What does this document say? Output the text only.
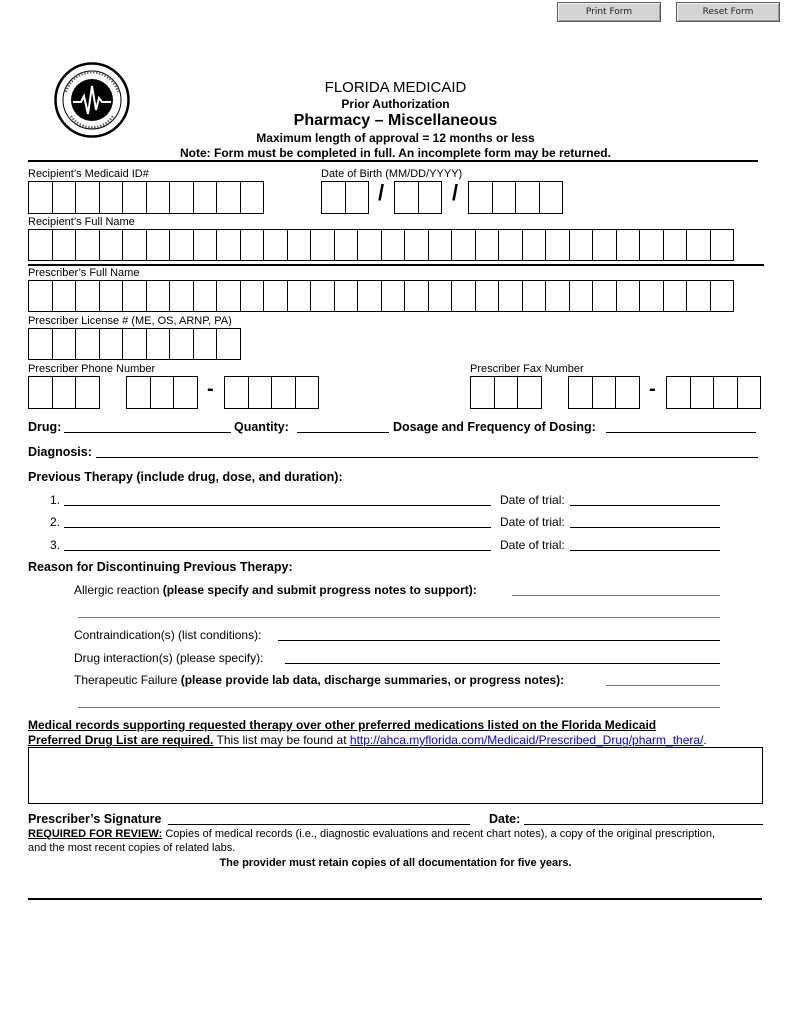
Print Form	Reset Form
FLORIDA MEDICAID
Prior Authorization
Pharmacy – Miscellaneous
Maximum length of approval = 12 months or less
Note: Form must be completed in full. An incomplete form may be returned.
Recipient’s Medicaid ID#	Date of Birth (MM/DD/YYYY)
/	/
Recipient’s Full Name
Prescriber’s Full Name
Prescriber License # (ME, OS, ARNP, PA)
Prescriber Phone Number
-
Prescriber Fax Number
-
Drug:	Quantity:	Dosage and Frequency of Dosing:
Diagnosis:
Previous Therapy (include drug, dose, and duration):
1.	Date of trial:
2.	Date of trial:
3.	Date of trial:
Reason for Discontinuing Previous Therapy:
Allergic reaction (please specify and submit progress notes to support):
Contraindication(s) (list conditions):
Drug interaction(s) (please specify):
Therapeutic Failure (please provide lab data, discharge summaries, or progress notes):
Medical records supporting requested therapy over other preferred medications listed on the Florida Medicaid
Preferred Drug List are required. This list may be found at http://ahca.myflorida.com/Medicaid/Prescribed_Drug/pharm_thera/.
Prescriber’s Signature	Date:
REQUIRED FOR REVIEW: Copies of medical records (i.e., diagnostic evaluations and recent chart notes), a copy of the original prescription,
and the most recent copies of related labs.
The provider must retain copies of all documentation for five years.
